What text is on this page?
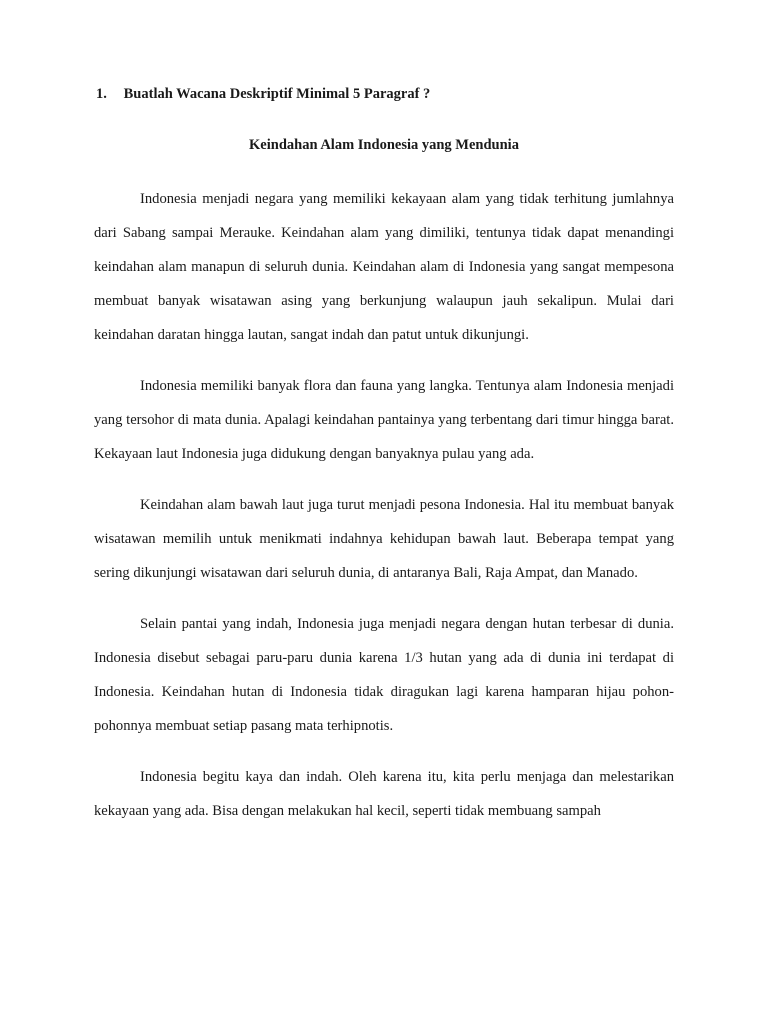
1. Buatlah Wacana Deskriptif Minimal 5 Paragraf ?
Keindahan Alam Indonesia yang Mendunia

Indonesia menjadi negara yang memiliki kekayaan alam yang tidak terhitung jumlahnya dari Sabang sampai Merauke. Keindahan alam yang dimiliki, tentunya tidak dapat menandingi keindahan alam manapun di seluruh dunia. Keindahan alam di Indonesia yang sangat mempesona membuat banyak wisatawan asing yang berkunjung walaupun jauh sekalipun. Mulai dari keindahan daratan hingga lautan, sangat indah dan patut untuk dikunjungi.

Indonesia memiliki banyak flora dan fauna yang langka. Tentunya alam Indonesia menjadi yang tersohor di mata dunia. Apalagi keindahan pantainya yang terbentang dari timur hingga barat. Kekayaan laut Indonesia juga didukung dengan banyaknya pulau yang ada.

Keindahan alam bawah laut juga turut menjadi pesona Indonesia. Hal itu membuat banyak wisatawan memilih untuk menikmati indahnya kehidupan bawah laut. Beberapa tempat yang sering dikunjungi wisatawan dari seluruh dunia, di antaranya Bali, Raja Ampat, dan Manado.

Selain pantai yang indah, Indonesia juga menjadi negara dengan hutan terbesar di dunia. Indonesia disebut sebagai paru-paru dunia karena 1/3 hutan yang ada di dunia ini terdapat di Indonesia. Keindahan hutan di Indonesia tidak diragukan lagi karena hamparan hijau pohon-pohonnya membuat setiap pasang mata terhipnotis.

Indonesia begitu kaya dan indah. Oleh karena itu, kita perlu menjaga dan melestarikan kekayaan yang ada. Bisa dengan melakukan hal kecil, seperti tidak membuang sampah
